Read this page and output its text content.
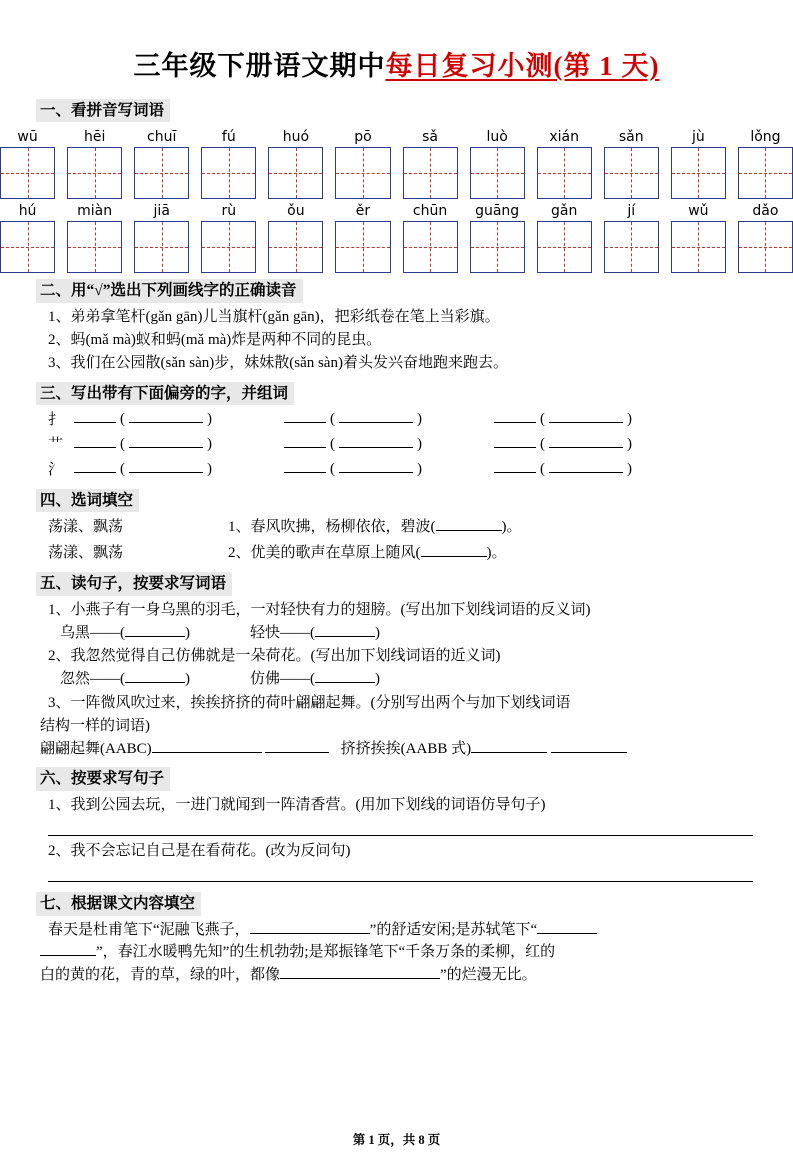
三年级下册语文期中每日复习小测(第 1 天)
一、看拼音写词语
wū	hēi	chuī	fú	huó	pō	sǎ	luò	xián	sǎn	jù	lǒng
hú	miàn	jiā	rù	ǒu	ěr	chūn	guāng	gǎn	jí	wǔ	dǎo
二、用“√”选出下列画线字的正确读音
1、弟弟拿笔杆(gǎn gān)儿当旗杆(gǎn gān)，把彩纸卷在笔上当彩旗。
2、蚂(mǎ mà)蚁和蚂(mǎ mà)炸是两种不同的昆虫。
3、我们在公园散(sǎn sàn)步，妹妹散(sǎn sàn)着头发兴奋地跑来跑去。
三、写出带有下面偏旁的字，并组词
扌	(	)	(	)	(	)
艹	(	)	(	)	(	)
氵	(	)	(	)	(	)
四、选词填空
荡漾、飘荡	1、春风吹拂，杨柳依依，碧波(	)。
荡漾、飘荡	2、优美的歌声在草原上随风(	)。
五、读句子，按要求写词语
1、小燕子有一身乌黑的羽毛，一对轻快有力的翅膀。(写出加下划线词语的反义词)
乌黑——(	)                轻快——(	)
2、我忽然觉得自己仿佛就是一朵荷花。(写出加下划线词语的近义词)
忽然——(	)                仿佛——(	)
3、一阵微风吹过来，挨挨挤挤的荷叶翩翩起舞。(分别写出两个与加下划线词语
结构一样的词语)
翩翩起舞(AABC)	挤挤挨挨(AABB 式)
六、按要求写句子
1、我到公园去玩，一进门就闻到一阵清香营。(用加下划线的词语仿导句子)
2、我不会忘记自己是在看荷花。(改为反问句)
七、根据课文内容填空
春天是杜甫笔下“泥融飞燕子，	”的舒适安闲;是苏轼笔下“
”，春江水暖鸭先知”的生机勃勃;是郑振锋笔下“千条万条的柔柳，红的
白的黄的花，青的草，绿的叶，都像	”的烂漫无比。
第 1 页，共 8 页
